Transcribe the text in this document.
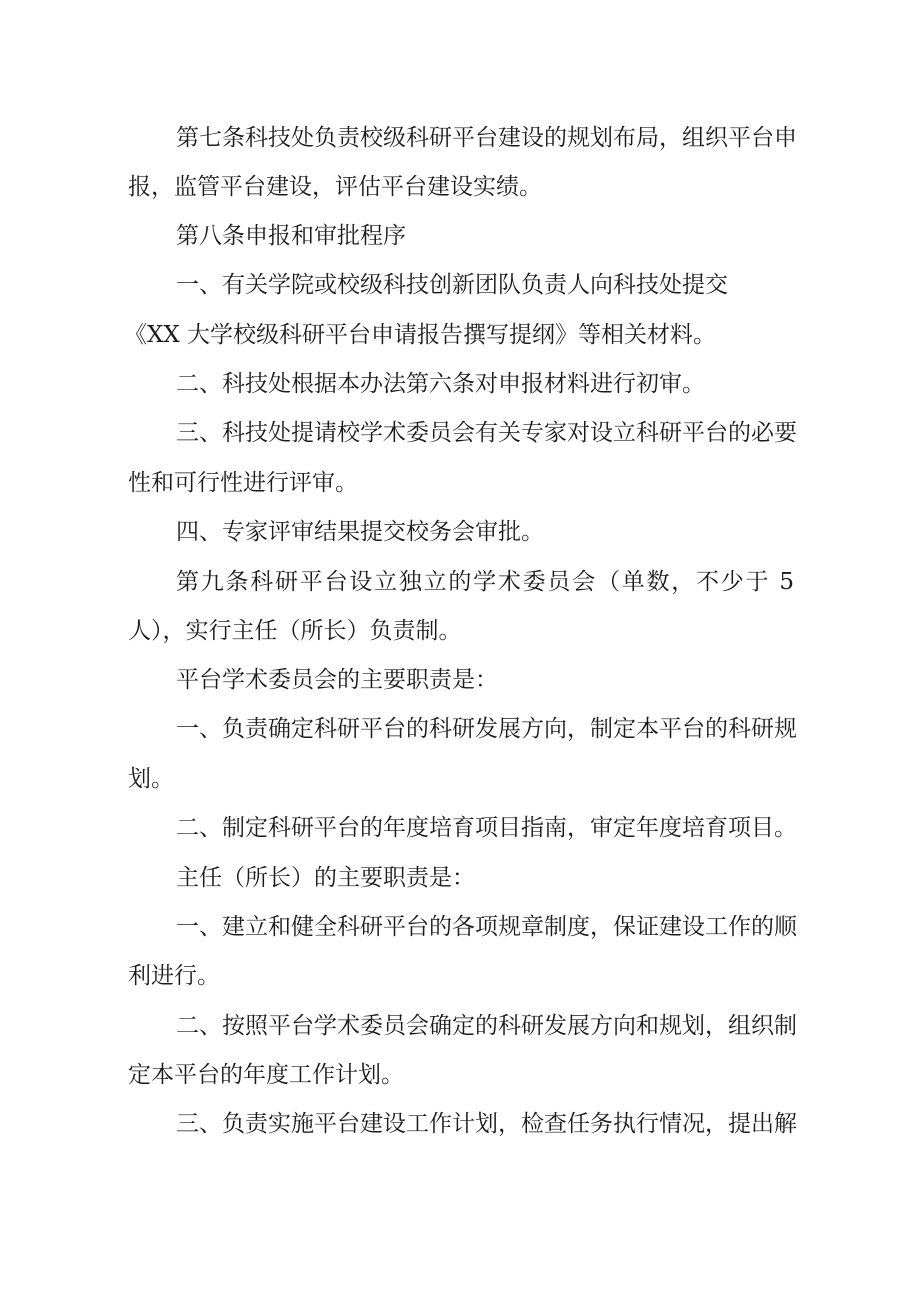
第七条科技处负责校级科研平台建设的规划布局，组织平台申

报，监管平台建设，评估平台建设实绩。

第八条申报和审批程序

一、有关学院或校级科技创新团队负责人向科技处提交

《XX 大学校级科研平台申请报告撰写提纲》等相关材料。

二、科技处根据本办法第六条对申报材料进行初审。

三、科技处提请校学术委员会有关专家对设立科研平台的必要

性和可行性进行评审。

四、专家评审结果提交校务会审批。

第九条科研平台设立独立的学术委员会（单数，不少于 5

人），实行主任（所长）负责制。

平台学术委员会的主要职责是：

一、负责确定科研平台的科研发展方向，制定本平台的科研规

划。

二、制定科研平台的年度培育项目指南，审定年度培育项目。

主任（所长）的主要职责是：

一、建立和健全科研平台的各项规章制度，保证建设工作的顺

利进行。

二、按照平台学术委员会确定的科研发展方向和规划，组织制

定本平台的年度工作计划。

三、负责实施平台建设工作计划，检查任务执行情况，提出解
